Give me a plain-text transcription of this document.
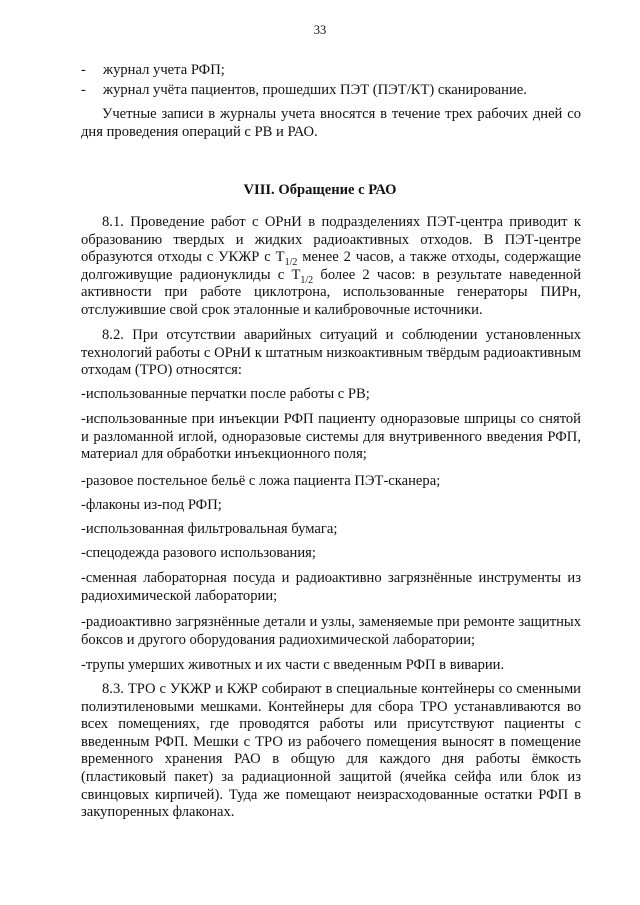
33
-	журнал учета РФП;
-	журнал учёта пациентов, прошедших ПЭТ (ПЭТ/КТ) сканирование.
Учетные записи в журналы учета вносятся в течение трех рабочих дней со дня проведения операций с РВ и РАО.
VIII. Обращение с РАО
8.1. Проведение работ с ОРнИ в подразделениях ПЭТ-центра приводит к образованию твердых и жидких радиоактивных отходов. В ПЭТ-центре образуются отходы с УКЖР с $T_{1/2}$ менее 2 часов, а также отходы, содержащие долгоживущие радионуклиды с $T_{1/2}$ более 2 часов: в результате наведенной активности при работе циклотрона, использованные генераторы ПИРн, отслужившие свой срок эталонные и калибровочные источники.
8.2. При отсутствии аварийных ситуаций и соблюдении установленных технологий работы с ОРнИ к штатным низкоактивным твёрдым радиоактивным отходам (ТРО) относятся:
-использованные перчатки после работы с РВ;
-использованные при инъекции РФП пациенту одноразовые шприцы со снятой и разломанной иглой, одноразовые системы для внутривенного введения РФП, материал для обработки инъекционного поля;
-разовое постельное бельё с ложа пациента ПЭТ-сканера;
-флаконы из-под РФП;
-использованная фильтровальная бумага;
-спецодежда разового использования;
-сменная лабораторная посуда и радиоактивно загрязнённые инструменты из радиохимической лаборатории;
-радиоактивно загрязнённые детали и узлы, заменяемые при ремонте защитных боксов и другого оборудования радиохимической лаборатории;
-трупы умерших животных и их части с введенным РФП в виварии.
8.3. ТРО с УКЖР и КЖР собирают в специальные контейнеры со сменными полиэтиленовыми мешками. Контейнеры для сбора ТРО устанавливаются во всех помещениях, где проводятся работы или присутствуют пациенты с введенным РФП. Мешки с ТРО из рабочего помещения выносят в помещение временного хранения РАО в общую для каждого дня работы ёмкость (пластиковый пакет) за радиационной защитой (ячейка сейфа или блок из свинцовых кирпичей). Туда же помещают неизрасходованные остатки РФП в закупоренных флаконах.
